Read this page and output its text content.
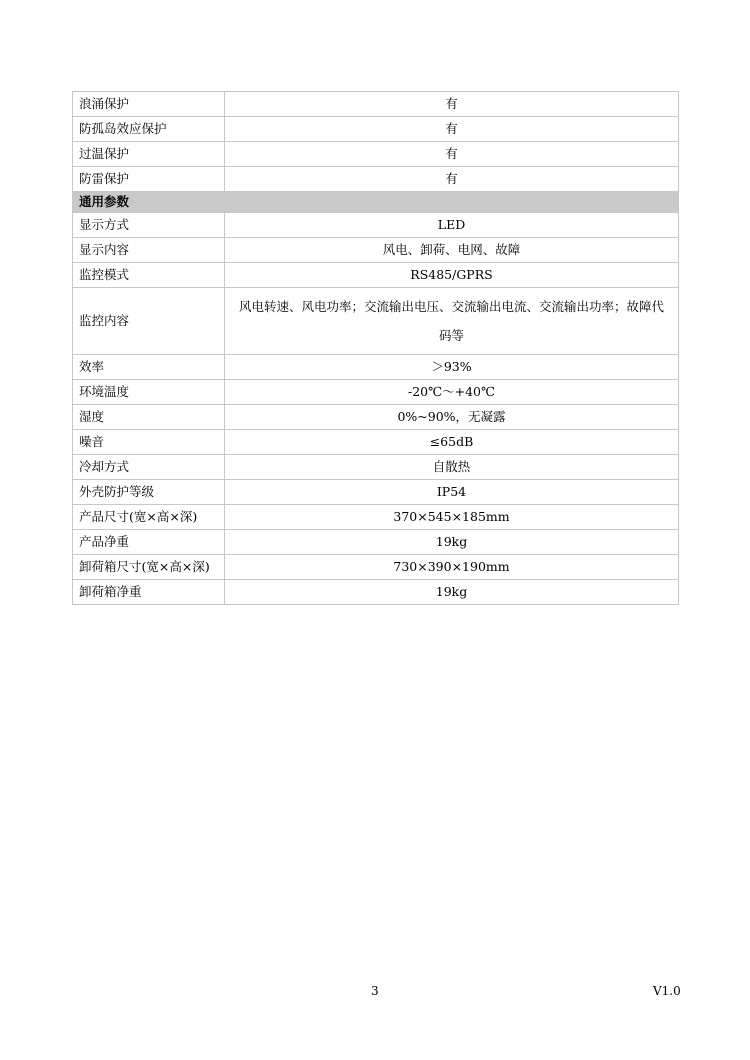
浪涌保护	有
防孤岛效应保护	有
过温保护	有
防雷保护	有
通用参数	
显示方式	LED
显示内容	风电、卸荷、电网、故障
监控模式	RS485/GPRS
监控内容	风电转速、风电功率；交流输出电压、交流输出电流、交流输出功率；故障代码等
效率	＞93%
环境温度	-20℃～+40℃
湿度	0%~90%，无凝露
噪音	≤65dB
冷却方式	自散热
外壳防护等级	IP54
产品尺寸(宽×高×深)	370×545×185mm
产品净重	19kg
卸荷箱尺寸(宽×高×深)	730×390×190mm
卸荷箱净重	19kg
3	V1.0
